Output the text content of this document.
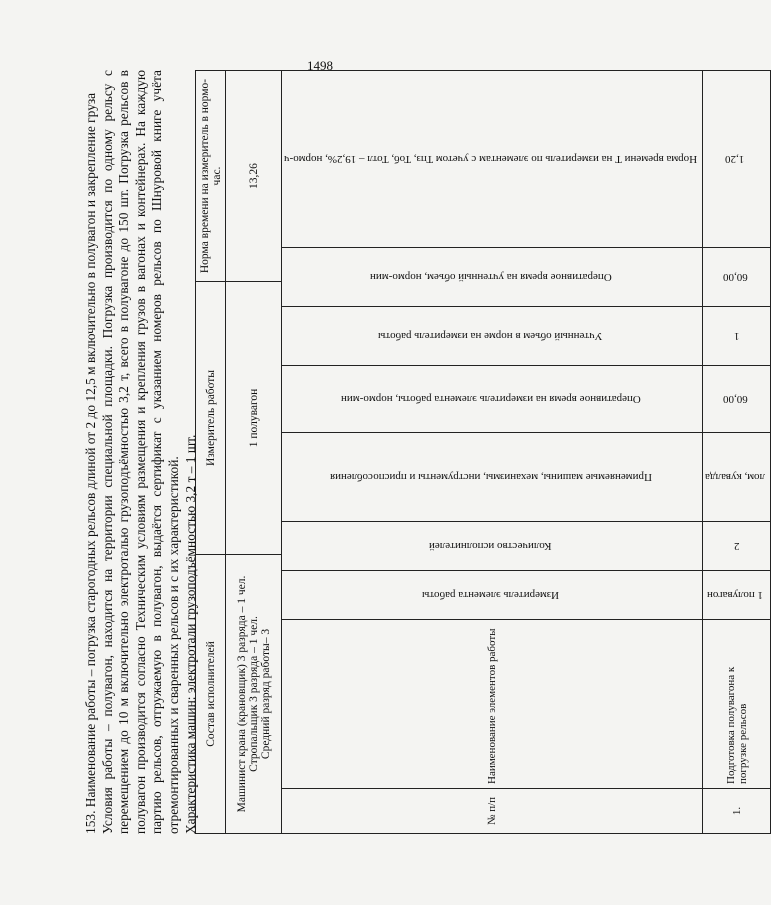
1498

153. Наименование работы – погрузка старогодных рельсов длиной от 2 до 12,5 м включительно в полувагон и закрепление груза Условия работы – полувагон, находится на территории специальной площадки. Погрузка производится по одному рельсу с перемещением до 10 м включительно электроталью грузоподъёмностью 3,2 т, всего в полувагоне до 150 шт. Погрузка рельсов в полувагон производится согласно Техническим условиям размещения и крепления грузов в вагонах и контейнерах. На каждую партию рельсов, отгружаемую в полувагон, выдаётся сертификат с указанием номеров рельсов по Шнуровой книге учёта отремонтированных и сваренных рельсов и с их характеристикой. Характеристика машин: электротали грузоподъёмностью 3,2 т – 1 шт. Состав исполнителей	Измеритель работы	Норма времени на измеритель в нормо-час.

Машинист крана (крановщик) 3 разряда – 1 чел. Стропальщик 3 разряда – 1 чел. Средний разряд работы– 3	1 полувагон	13,26
№ п/п	Наименование элементов работы	Измеритель элемента работы	Количество исполнителей	Применяемые машины, механизмы, инструменты и приспособления	Оперативное время на измеритель элемента работы, нормо-мин	Учтенный объем в норме на измеритель работы	Оперативное время на учтенный объем, нормо-мин	Норма времени Т на измеритель по элементам с учетом Тпз, Тоб, Тотл – 19,2%, нормо-ч
1.	Подготовка полувагона к погрузке рельсов	1 полувагон	2	лом, кувалда	60,00	1	60,00	1,20
